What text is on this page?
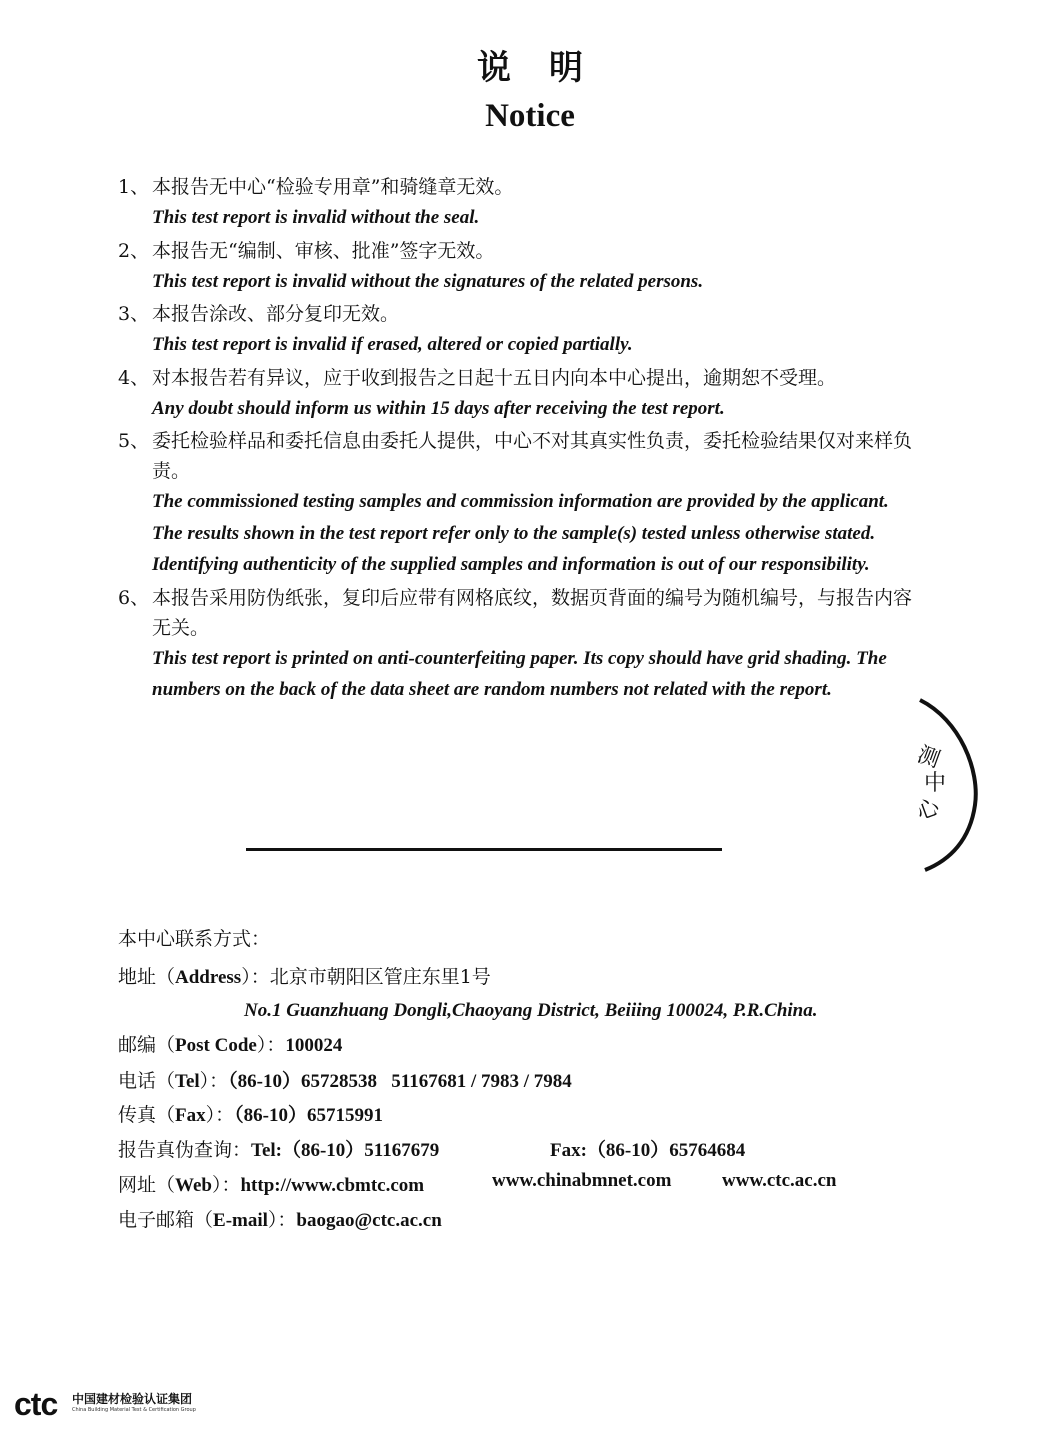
说明
Notice
1、 本报告无中心“检验专用章”和骑缝章无效。
This test report is invalid without the seal.
2、 本报告无“编制、审核、批准”签字无效。
This test report is invalid without the signatures of the related persons.
3、 本报告涂改、部分复印无效。
This test report is invalid if erased, altered or copied partially.
4、 对本报告若有异议，应于收到报告之日起十五日内向本中心提出，逾期恕不受理。
Any doubt should inform us within 15 days after receiving the test report.
5、 委托检验样品和委托信息由委托人提供，中心不对其真实性负责，委托检验结果仅对来样负责。
The commissioned testing samples and commission information are provided by the applicant. The results shown in the test report refer only to the sample(s) tested unless otherwise stated. Identifying authenticity of the supplied samples and information is out of our responsibility.
6、 本报告采用防伪纸张，复印后应带有网格底纹，数据页背面的编号为随机编号，与报告内容无关。
This test report is printed on anti-counterfeiting paper. Its copy should have grid shading. The numbers on the back of the data sheet are random numbers not related with the report.
本中心联系方式：
地址（Address）：北京市朝阳区管庄东里1号
No.1 Guanzhuang Dongli,Chaoyang District, Beiiing 100024, P.R.China.
邮编（Post Code）：100024
电话（Tel）：（86-10）65728538   51167681 / 7983 / 7984
传真（Fax）：（86-10）65715991
报告真伪查询：Tel:（86-10）51167679	Fax:（86-10）65764684
网址（Web）：http://www.cbmtc.com	www.chinabmnet.com	www.ctc.ac.cn
电子邮箱（E-mail）：baogao@ctc.ac.cn
测
中
心
ctc 中国建材检验认证集团
China Building Material Test & Certification Group
